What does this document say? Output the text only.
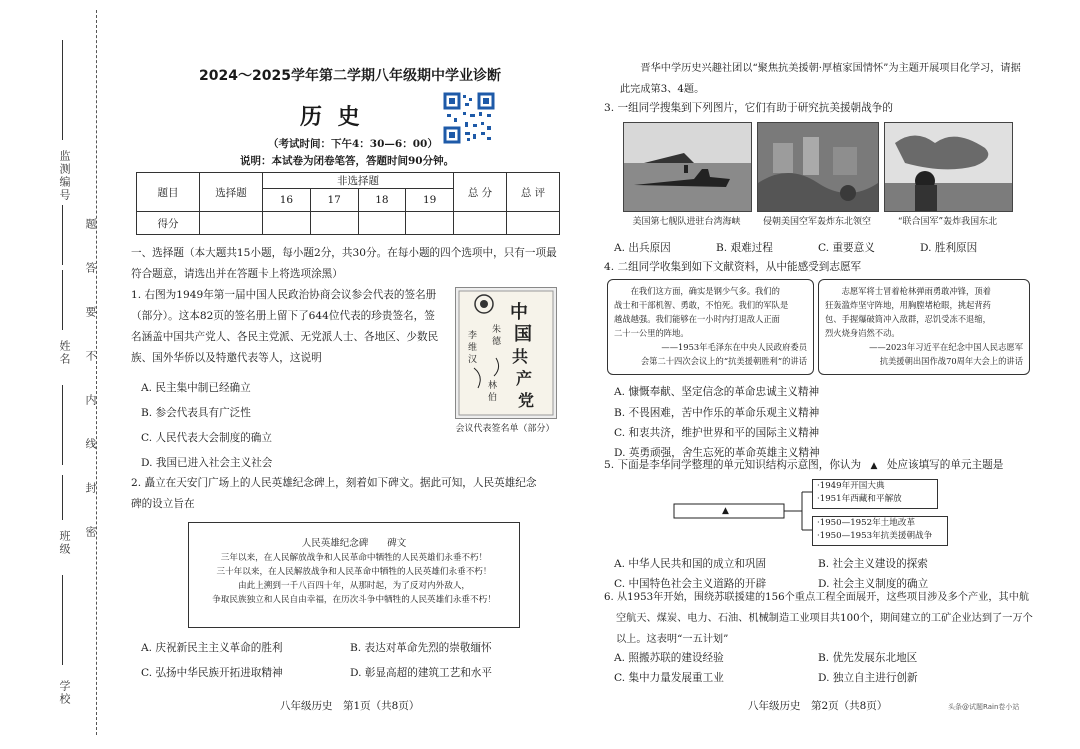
监测编号
姓名
班级
学校
题
答
要
不
内
线
封
密
2024～2025学年第二学期八年级期中学业诊断
历 史
（考试时间：下午4：30—6：00）
说明：本试卷为闭卷笔答，答题时间90分钟。
题目	选择题	非选择题				总 分	总 评
		16	17	18	19		
得分							
一、选择题（本大题共15小题，每小题2分，共30分。在每小题的四个选项中，只有一项最符合题意，请选出并在答题卡上将选项涂黑）
1. 右图为1949年第一届中国人民政治协商会议参会代表的签名册
（部分）。这本82页的签名册上留下了644位代表的珍贵签名，签
名涵盖中国共产党人、各民主党派、无党派人士、各地区、少数民
族、国外华侨以及特邀代表等人，这说明
A. 民主集中制已经确立
B. 参会代表具有广泛性
C. 人民代表大会制度的确立
D. 我国已进入社会主义社会
中
国
共
产
党
李
维
汉
朱
德
林
伯
会议代表签名单（部分）
2. 矗立在天安门广场上的人民英雄纪念碑上，刻着如下碑文。据此可知，人民英雄纪念
碑的设立旨在
人民英雄纪念碑　　碑文
三年以来，在人民解放战争和人民革命中牺牲的人民英雄们永垂不朽！
三十年以来，在人民解放战争和人民革命中牺牲的人民英雄们永垂不朽！
由此上溯到一千八百四十年，从那时起，为了反对内外敌人，
争取民族独立和人民自由幸福，在历次斗争中牺牲的人民英雄们永垂不朽！
A. 庆祝新民主主义革命的胜利	B. 表达对革命先烈的崇敬缅怀
C. 弘扬中华民族开拓进取精神	D. 彰显高超的建筑工艺和水平
八年级历史　第1页（共8页）
晋华中学历史兴趣社团以“聚焦抗美援朝·厚植家国情怀”为主题开展项目化学习，请据
此完成第3、4题。
3. 一组同学搜集到下列图片，它们有助于研究抗美援朝战争的
美国第七舰队进驻台湾海峡	侵朝美国空军轰炸东北领空	“联合国军”轰炸我国东北
A. 出兵原因	B. 艰难过程	C. 重要意义	D. 胜利原因
4. 二组同学收集到如下文献资料，从中能感受到志愿军
在我们这方面，确实是钢少气多。我们的
战士和干部机智、勇敢，不怕死。我们的军队是
越战越强。我们能够在一小时内打退敌人正面
二十一公里的阵地。
——1953年毛泽东在中央人民政府委员
会第二十四次会议上的“抗美援朝胜利”的讲话
志愿军将士冒着枪林弹雨勇敢冲锋，顶着
狂轰滥炸坚守阵地，用胸膛堵枪眼，挑起背药
包、手握爆破筒冲入敌群，忍饥受冻不退缩，
烈火烧身岿然不动。
——2023年习近平在纪念中国人民志愿军
抗美援朝出国作战70周年大会上的讲话
A. 慷慨奉献、坚定信念的革命忠诚主义精神
B. 不畏困难，苦中作乐的革命乐观主义精神
C. 和衷共济，维护世界和平的国际主义精神
D. 英勇顽强，舍生忘死的革命英雄主义精神
5. 下面是李华同学整理的单元知识结构示意图，你认为 ▲ 处应该填写的单元主题是
▲
·1949年开国大典
·1951年西藏和平解放
·1950—1952年土地改革
·1950—1953年抗美援朝战争
A. 中华人民共和国的成立和巩固	B. 社会主义建设的探索
C. 中国特色社会主义道路的开辟	D. 社会主义制度的确立
6. 从1953年开始，围绕苏联援建的156个重点工程全面展开，这些项目涉及多个产业，其中航
空航天、煤炭、电力、石油、机械制造工业项目共100个，期间建立的工矿企业达到了一万个
以上。这表明“一五计划”
A. 照搬苏联的建设经验	B. 优先发展东北地区
C. 集中力量发展重工业	D. 独立自主进行创新
八年级历史　第2页（共8页）	头条@试题Rain卷小站
